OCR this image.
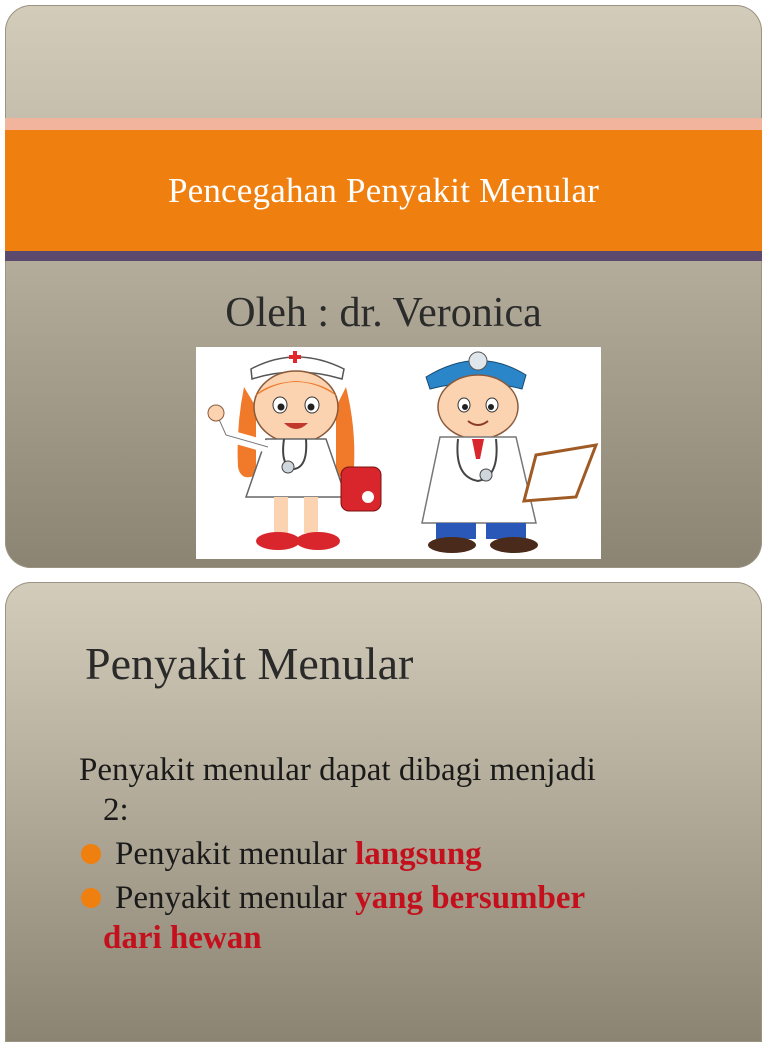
Pencegahan Penyakit Menular
Oleh : dr. Veronica
Penyakit Menular
Penyakit menular dapat dibagi menjadi
2:
Penyakit menular langsung
Penyakit menular yang bersumber
dari hewan
